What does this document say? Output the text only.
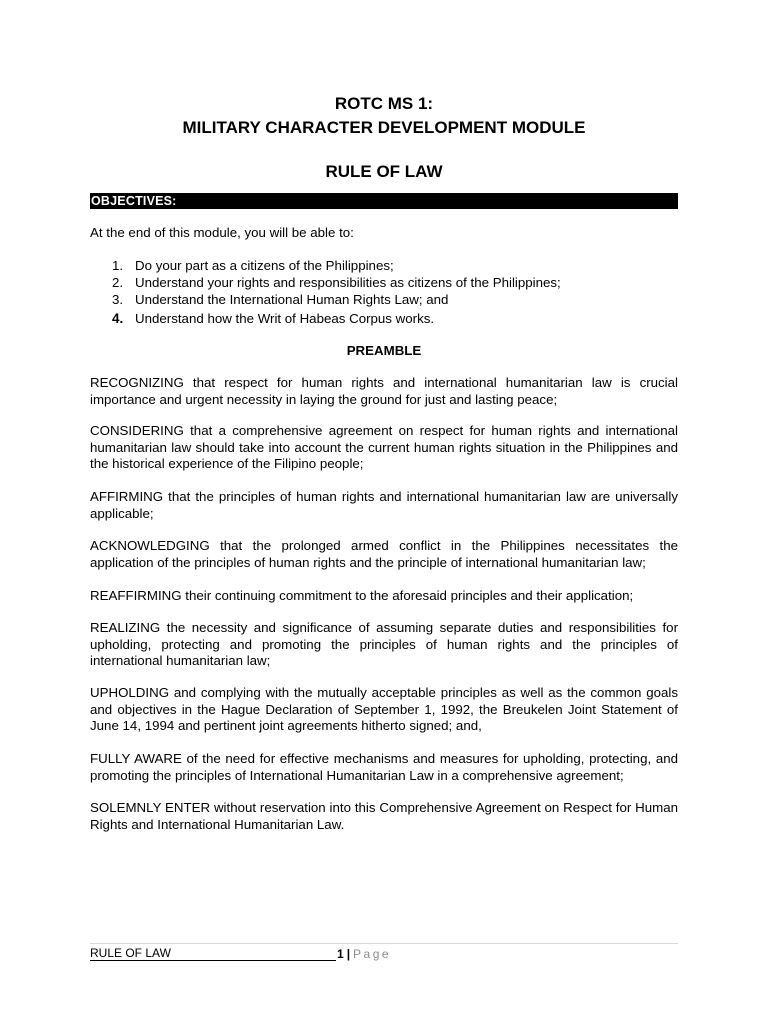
ROTC MS 1:
MILITARY CHARACTER DEVELOPMENT MODULE
RULE OF LAW
OBJECTIVES:
At the end of this module, you will be able to:
1. Do your part as a citizens of the Philippines;
2. Understand your rights and responsibilities as citizens of the Philippines;
3. Understand the International Human Rights Law; and
4. Understand how the Writ of Habeas Corpus works.
PREAMBLE

RECOGNIZING that respect for human rights and international humanitarian law is crucial importance and urgent necessity in laying the ground for just and lasting peace;

CONSIDERING that a comprehensive agreement on respect for human rights and international humanitarian law should take into account the current human rights situation in the Philippines and the historical experience of the Filipino people;

AFFIRMING that the principles of human rights and international humanitarian law are universally applicable;

ACKNOWLEDGING that the prolonged armed conflict in the Philippines necessitates the application of the principles of human rights and the principle of international humanitarian law;

REAFFIRMING their continuing commitment to the aforesaid principles and their application;

REALIZING the necessity and significance of assuming separate duties and responsibilities for upholding, protecting and promoting the principles of human rights and the principles of international humanitarian law;

UPHOLDING and complying with the mutually acceptable principles as well as the common goals and objectives in the Hague Declaration of September 1, 1992, the Breukelen Joint Statement of June 14, 1994 and pertinent joint agreements hitherto signed; and,

FULLY AWARE of the need for effective mechanisms and measures for upholding, protecting, and promoting the principles of International Humanitarian Law in a comprehensive agreement;

SOLEMNLY ENTER without reservation into this Comprehensive Agreement on Respect for Human Rights and International Humanitarian Law.

RULE OF LAW	1 | Page
